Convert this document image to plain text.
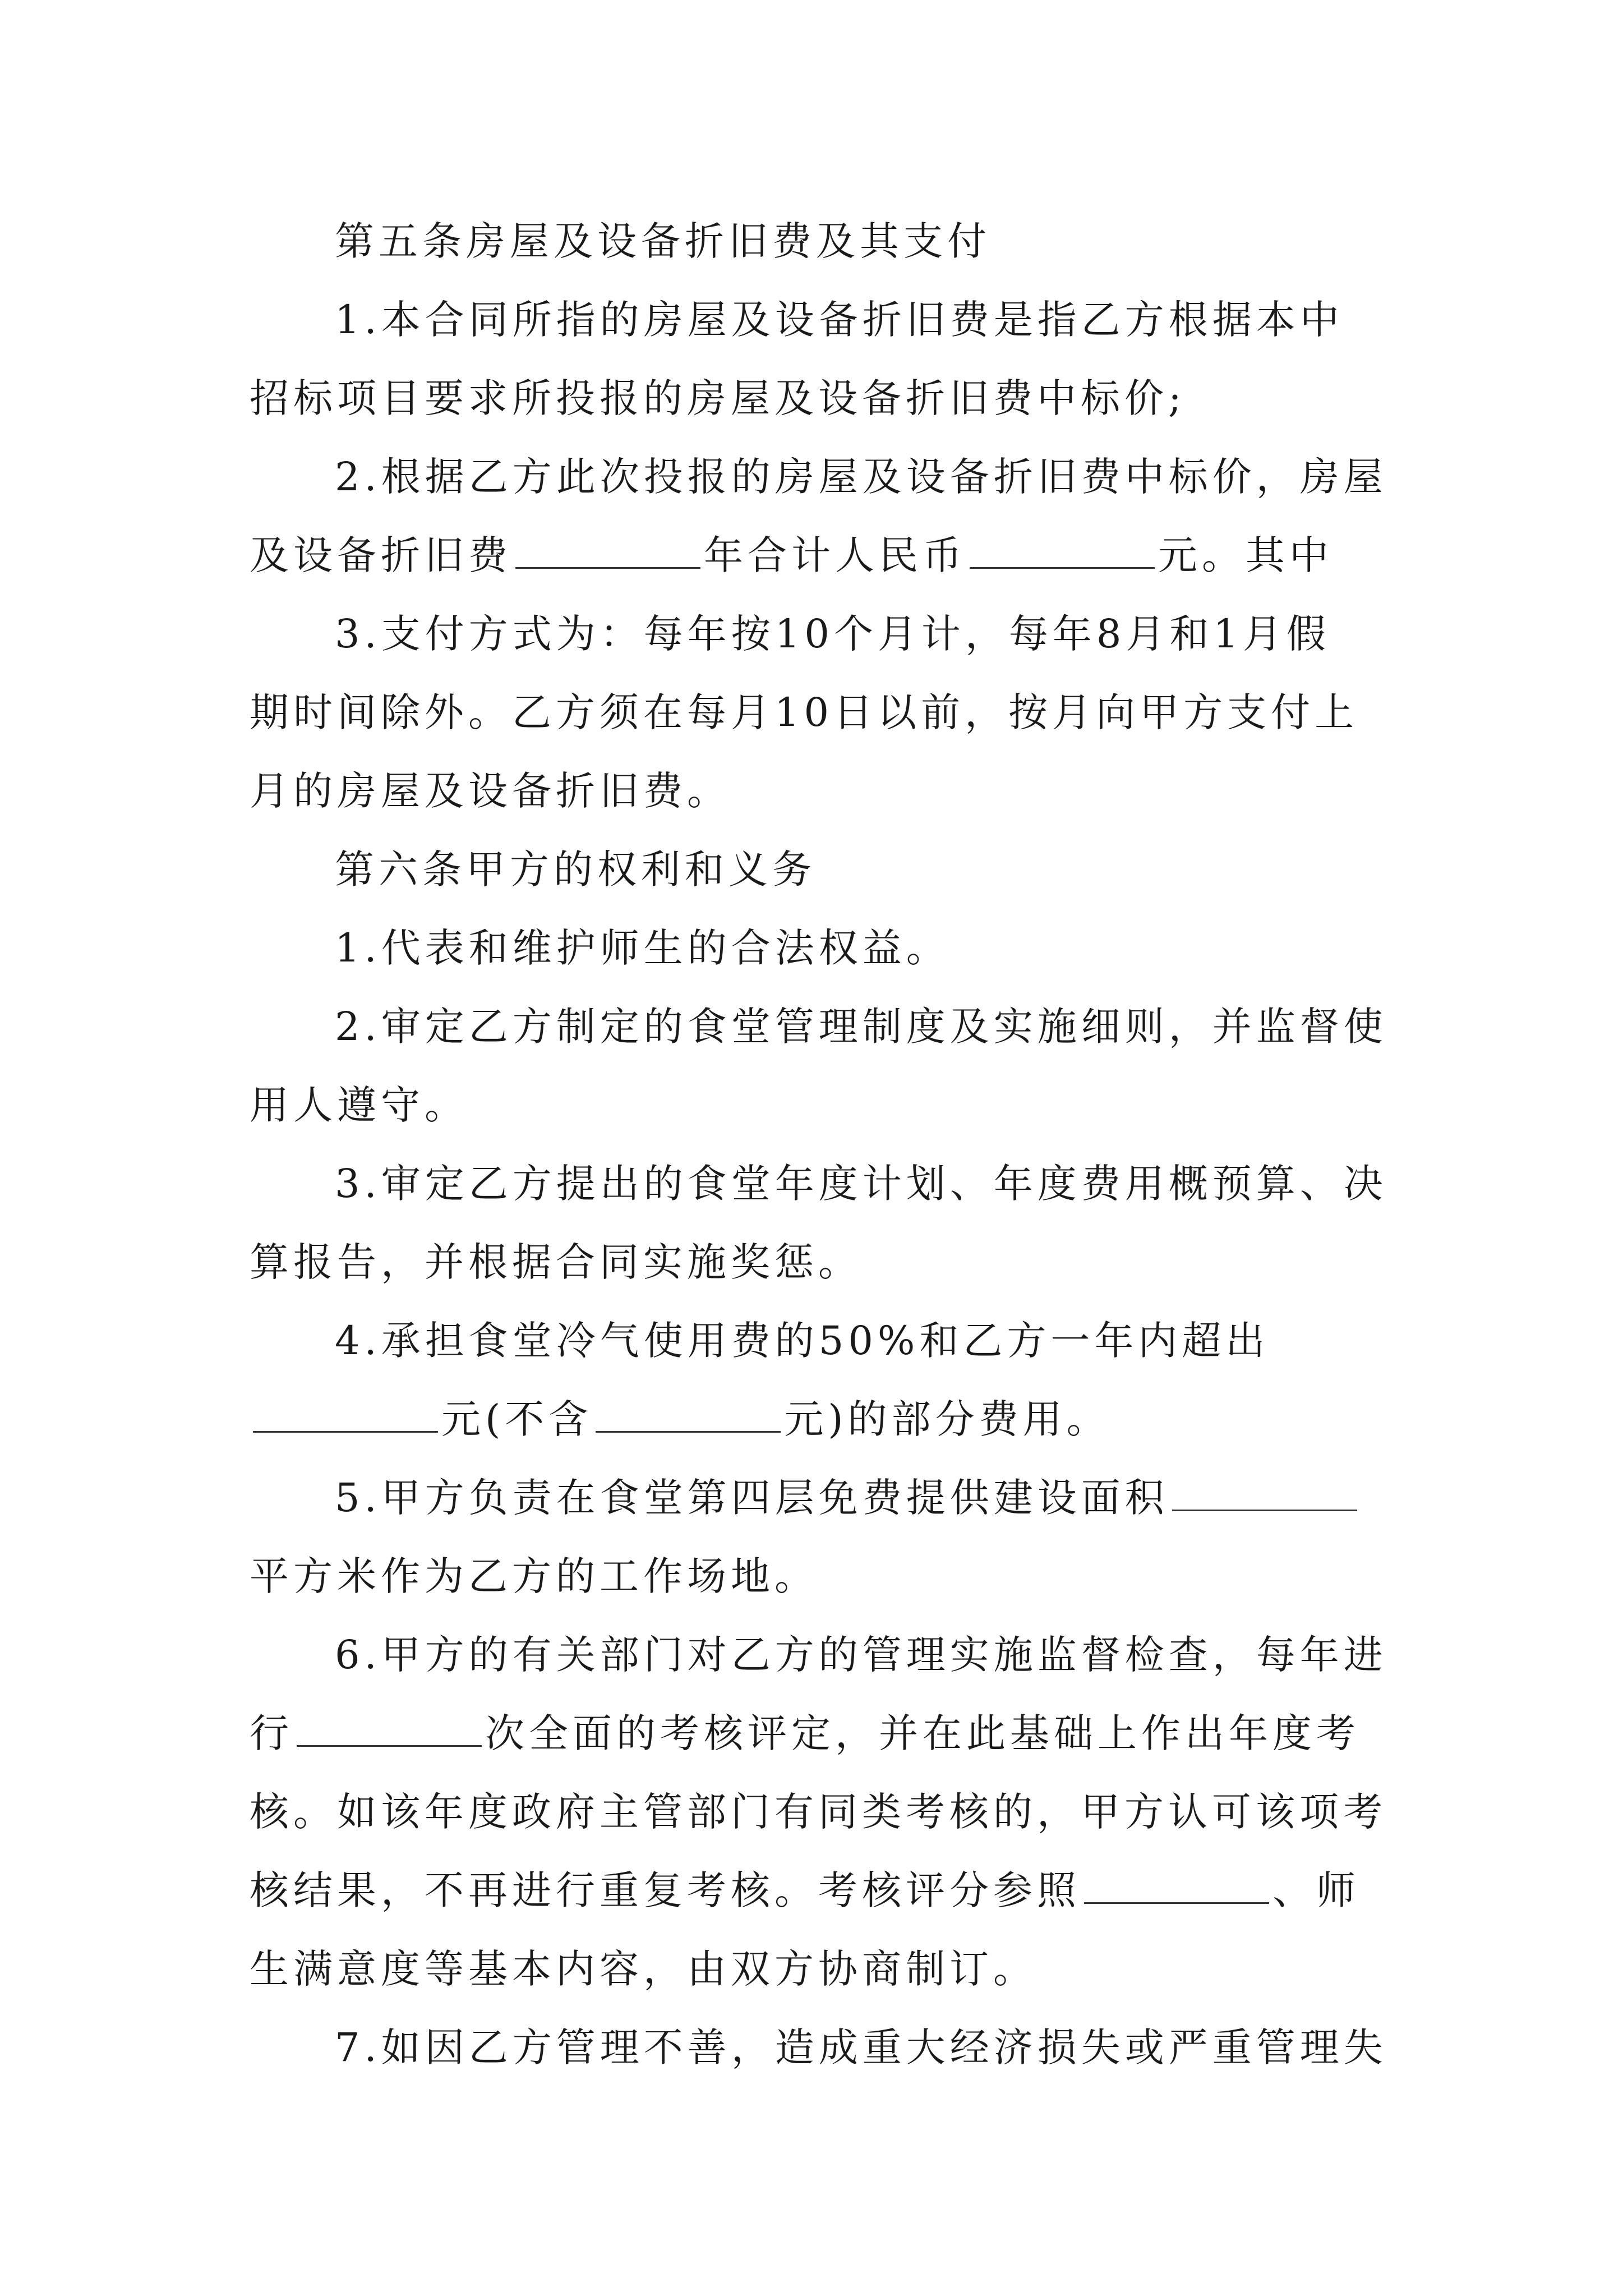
第五条房屋及设备折旧费及其支付
1.本合同所指的房屋及设备折旧费是指乙方根据本中
招标项目要求所投报的房屋及设备折旧费中标价;
2.根据乙方此次投报的房屋及设备折旧费中标价，房屋
及设备折旧费	年合计人民币	元。其中
3.支付方式为：每年按10个月计，每年8月和1月假
期时间除外。乙方须在每月10日以前，按月向甲方支付上
月的房屋及设备折旧费。
第六条甲方的权利和义务
1.代表和维护师生的合法权益。
2.审定乙方制定的食堂管理制度及实施细则，并监督使
用人遵守。
3.审定乙方提出的食堂年度计划、年度费用概预算、决
算报告，并根据合同实施奖惩。
4.承担食堂冷气使用费的50%和乙方一年内超出
元(不含	元)的部分费用。
5.甲方负责在食堂第四层免费提供建设面积
平方米作为乙方的工作场地。
6.甲方的有关部门对乙方的管理实施监督检查，每年进
行	次全面的考核评定，并在此基础上作出年度考
核。如该年度政府主管部门有同类考核的，甲方认可该项考
核结果，不再进行重复考核。考核评分参照	、师
生满意度等基本内容，由双方协商制订。
7.如因乙方管理不善，造成重大经济损失或严重管理失
